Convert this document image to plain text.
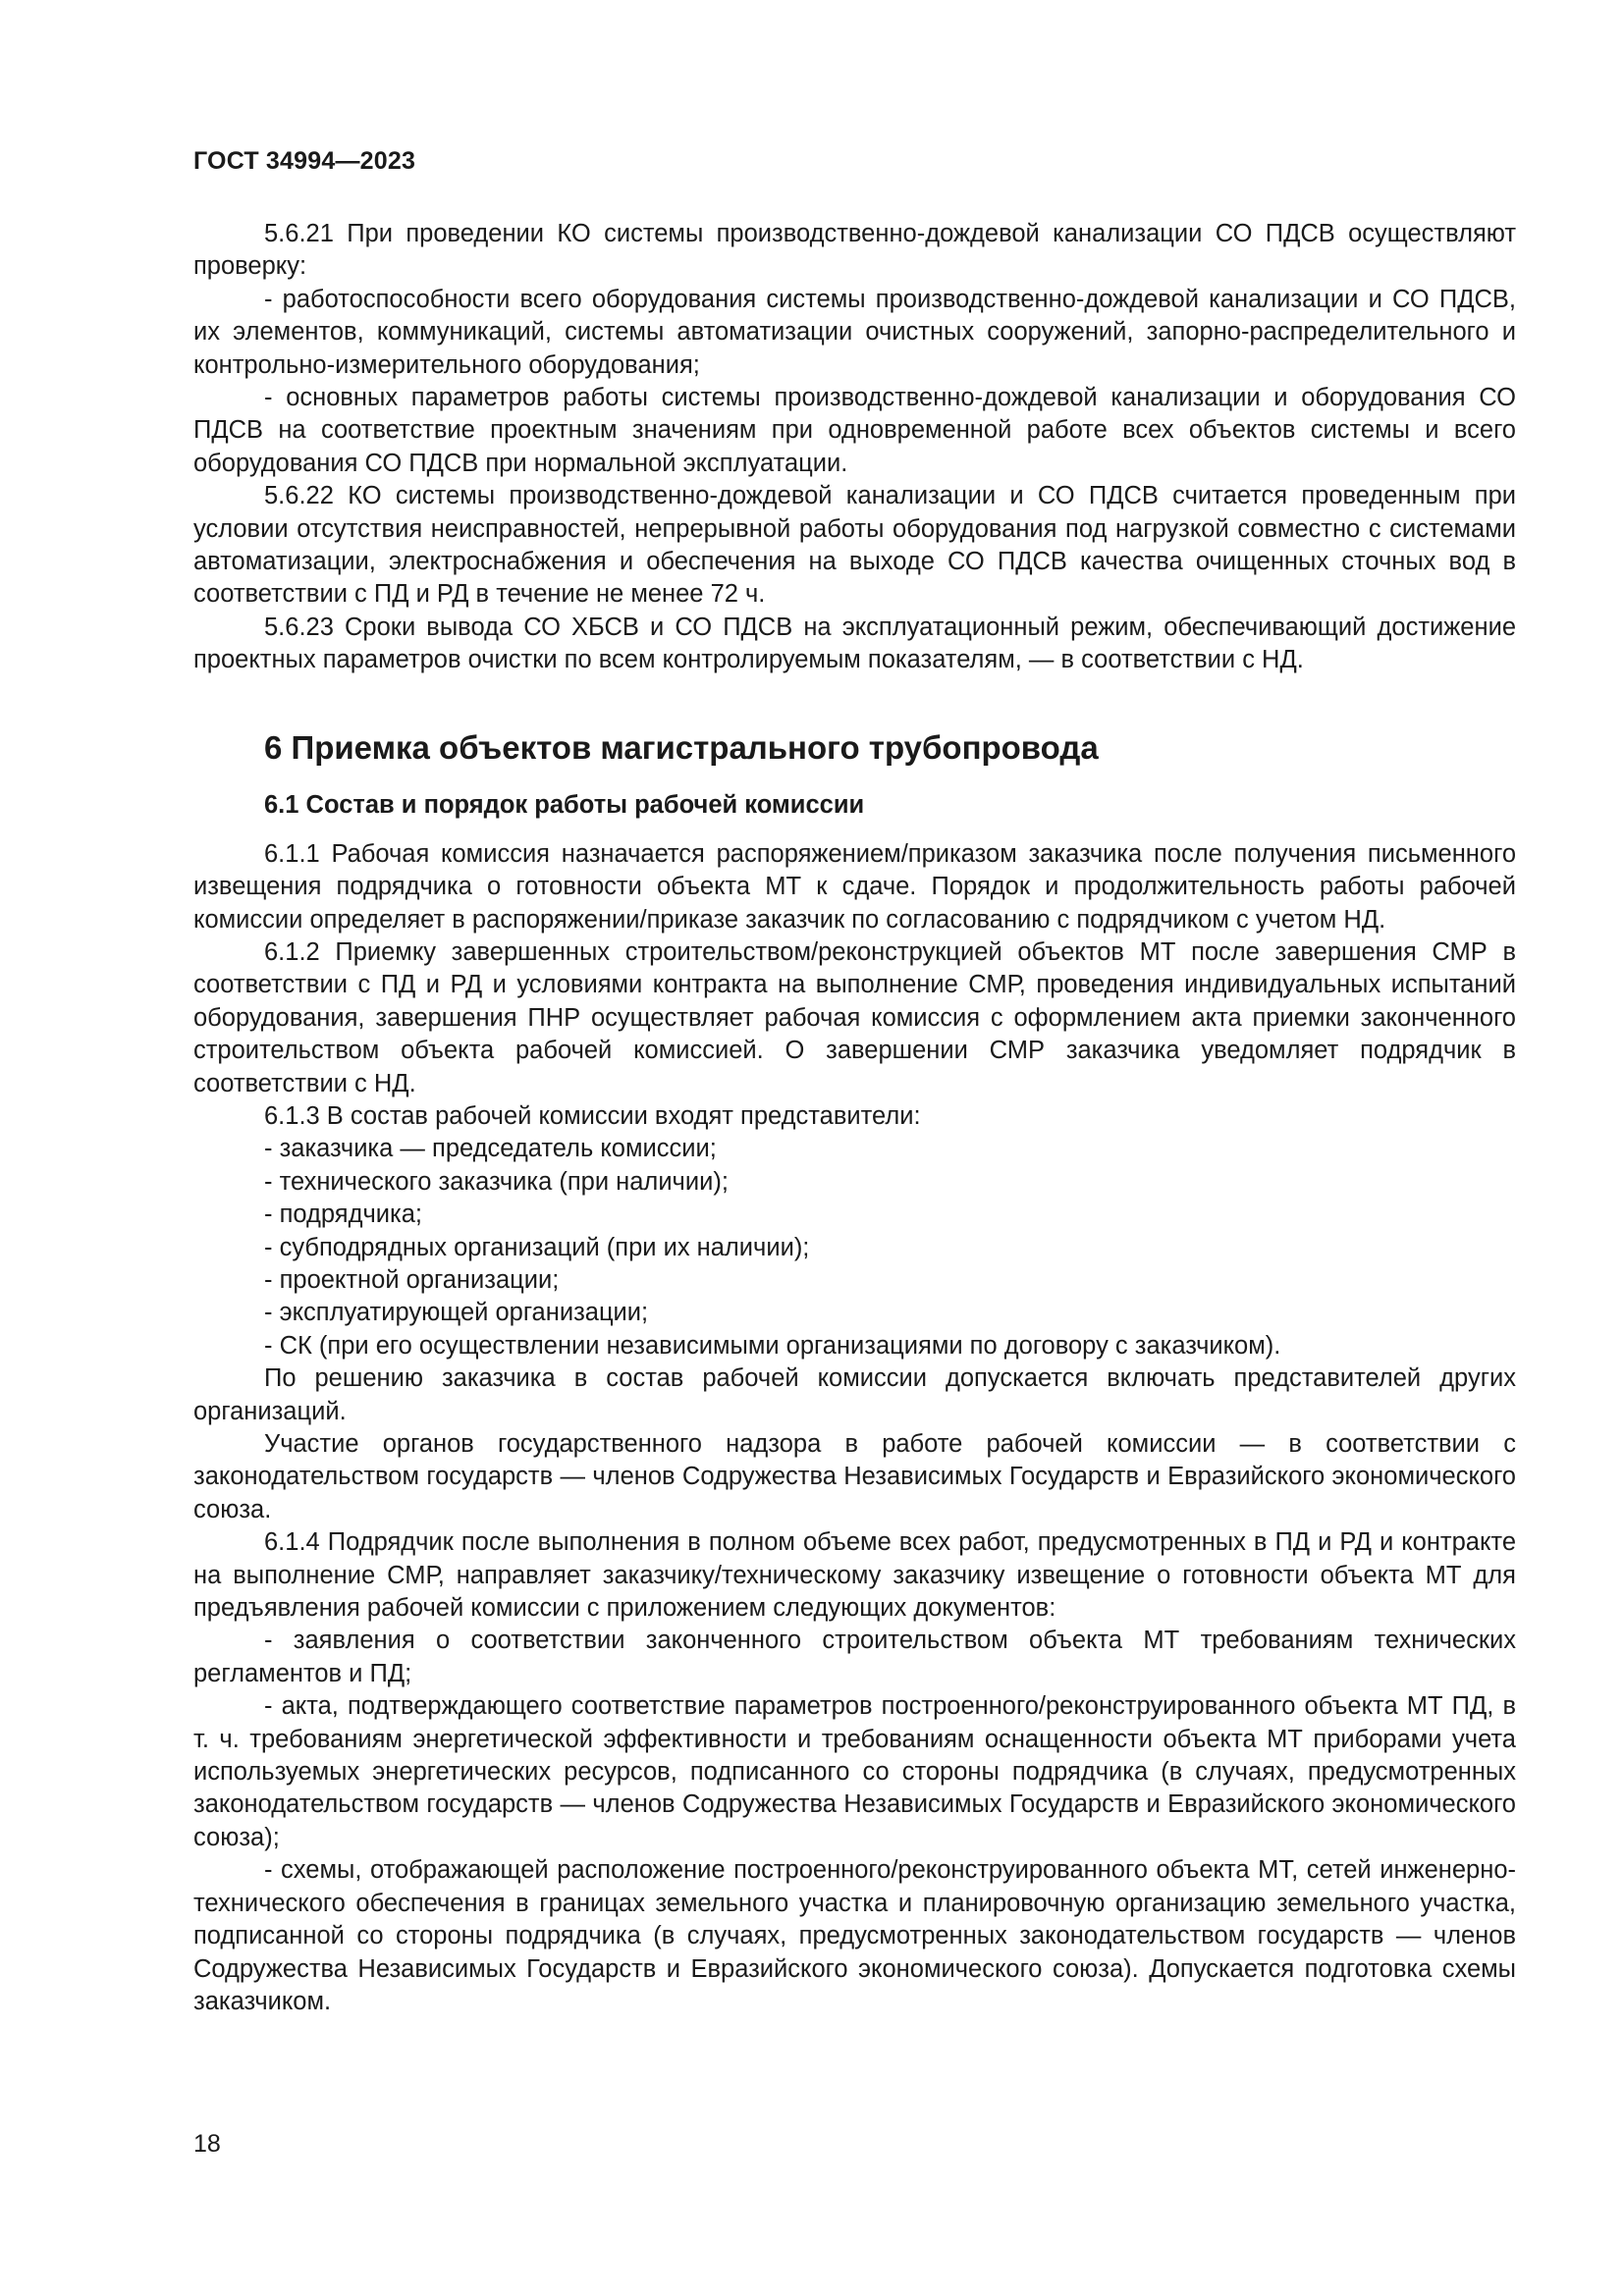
ГОСТ 34994—2023

5.6.21 При проведении КО системы производственно-дождевой канализации СО ПДСВ осуществляют проверку:

- работоспособности всего оборудования системы производственно-дождевой канализации и СО ПДСВ, их элементов, коммуникаций, системы автоматизации очистных сооружений, запорно-распределительного и контрольно-измерительного оборудования;

- основных параметров работы системы производственно-дождевой канализации и оборудования СО ПДСВ на соответствие проектным значениям при одновременной работе всех объектов системы и всего оборудования СО ПДСВ при нормальной эксплуатации.

5.6.22 КО системы производственно-дождевой канализации и СО ПДСВ считается проведенным при условии отсутствия неисправностей, непрерывной работы оборудования под нагрузкой совместно с системами автоматизации, электроснабжения и обеспечения на выходе СО ПДСВ качества очищенных сточных вод в соответствии с ПД и РД в течение не менее 72 ч.

5.6.23 Сроки вывода СО ХБСВ и СО ПДСВ на эксплуатационный режим, обеспечивающий достижение проектных параметров очистки по всем контролируемым показателям, — в соответствии с НД.

6 Приемка объектов магистрального трубопровода

6.1 Состав и порядок работы рабочей комиссии

6.1.1 Рабочая комиссия назначается распоряжением/приказом заказчика после получения письменного извещения подрядчика о готовности объекта МТ к сдаче. Порядок и продолжительность работы рабочей комиссии определяет в распоряжении/приказе заказчик по согласованию с подрядчиком с учетом НД.

6.1.2 Приемку завершенных строительством/реконструкцией объектов МТ после завершения СМР в соответствии с ПД и РД и условиями контракта на выполнение СМР, проведения индивидуальных испытаний оборудования, завершения ПНР осуществляет рабочая комиссия с оформлением акта приемки законченного строительством объекта рабочей комиссией. О завершении СМР заказчика уведомляет подрядчик в соответствии с НД.

6.1.3 В состав рабочей комиссии входят представители:

- заказчика — председатель комиссии;

- технического заказчика (при наличии);

- подрядчика;

- субподрядных организаций (при их наличии);

- проектной организации;

- эксплуатирующей организации;

- СК (при его осуществлении независимыми организациями по договору с заказчиком).

По решению заказчика в состав рабочей комиссии допускается включать представителей других организаций.

Участие органов государственного надзора в работе рабочей комиссии — в соответствии с законодательством государств — членов Содружества Независимых Государств и Евразийского экономического союза.

6.1.4 Подрядчик после выполнения в полном объеме всех работ, предусмотренных в ПД и РД и контракте на выполнение СМР, направляет заказчику/техническому заказчику извещение о готовности объекта МТ для предъявления рабочей комиссии с приложением следующих документов:

- заявления о соответствии законченного строительством объекта МТ требованиям технических регламентов и ПД;

- акта, подтверждающего соответствие параметров построенного/реконструированного объекта МТ ПД, в т. ч. требованиям энергетической эффективности и требованиям оснащенности объекта МТ приборами учета используемых энергетических ресурсов, подписанного со стороны подрядчика (в случаях, предусмотренных законодательством государств — членов Содружества Независимых Государств и Евразийского экономического союза);

- схемы, отображающей расположение построенного/реконструированного объекта МТ, сетей инженерно-технического обеспечения в границах земельного участка и планировочную организацию земельного участка, подписанной со стороны подрядчика (в случаях, предусмотренных законодательством государств — членов Содружества Независимых Государств и Евразийского экономического союза). Допускается подготовка схемы заказчиком.

18
